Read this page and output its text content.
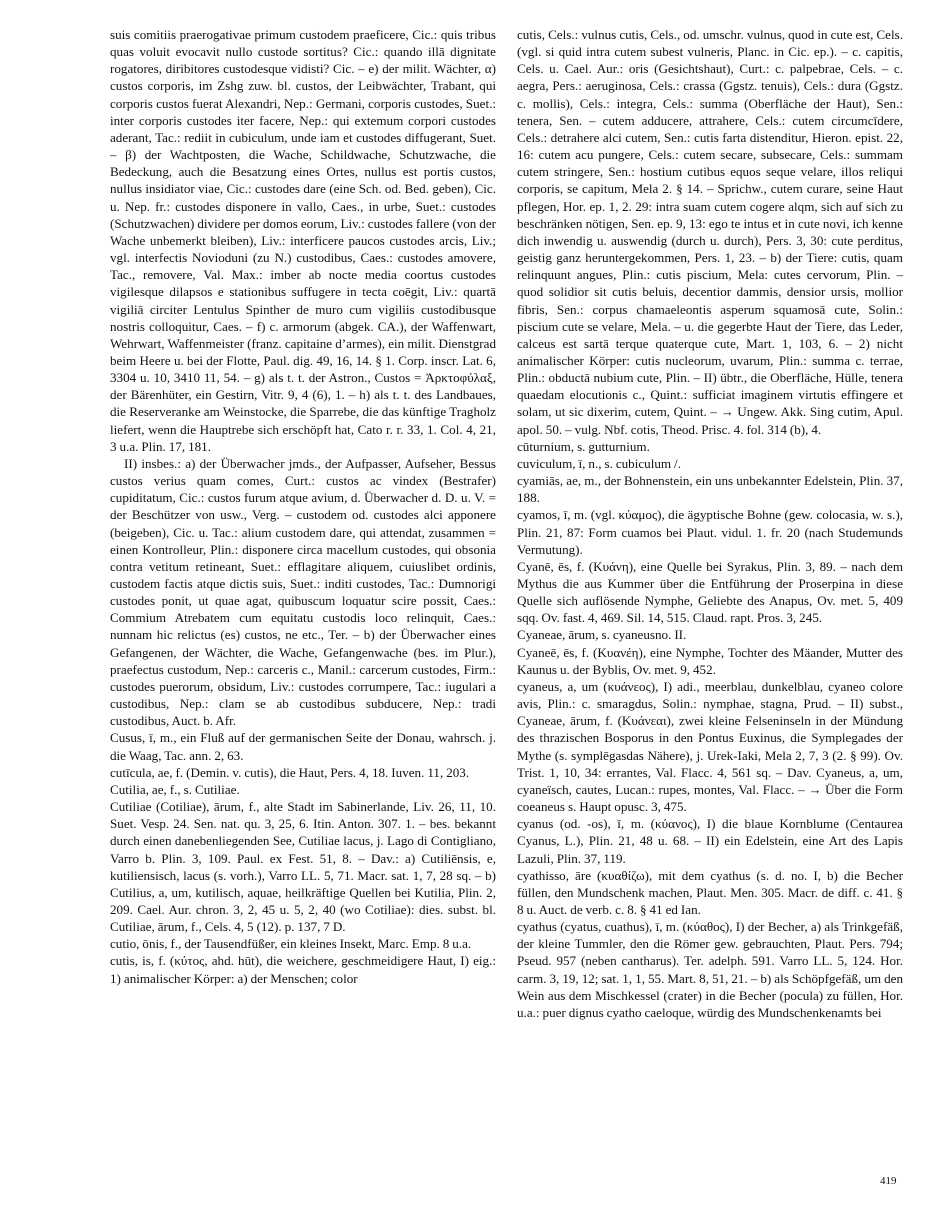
suis comitiis praerogativae primum custodem praeficere, Cic.: quis tribus quas voluit evocavit nullo custode sortitus? Cic.: quando illā dignitate rogatores, diribitores custodesque vidisti? Cic. – e) der milit. Wächter, α) custos corporis, im Zshg zuw. bl. custos, der Leibwächter, Trabant, qui corporis custos fuerat Alexandri, Nep.: Germani, corporis custodes, Suet.: inter corporis custodes iter facere, Nep.: qui extemum corpori custodes aderant, Tac.: rediit in cubiculum, unde iam et custodes diffugerant, Suet. – β) der Wachtposten, die Wache, Schildwache, Schutzwache, die Bedeckung, auch die Besatzung eines Ortes, nullus est portis custos, nullus insidiator viae, Cic.: custodes dare (eine Sch. od. Bed. geben), Cic. u. Nep. fr.: custodes disponere in vallo, Caes., in urbe, Suet.: custodes (Schutzwachen) dividere per domos eorum, Liv.: custodes fallere (von der Wache unbemerkt bleiben), Liv.: interficere paucos custodes arcis, Liv.; vgl. interfectis Novioduni (zu N.) custodibus, Caes.: custodes amovere, Tac., removere, Val. Max.: imber ab nocte media coortus custodes vigilesque dilapsos e stationibus suffugere in tecta coēgit, Liv.: quartā vigiliā circiter Lentulus Spinther de muro cum vigiliis custodibusque nostris colloquitur, Caes. – f) c. armorum (abgek. CA.), der Waffenwart, Wehrwart, Waffenmeister (franz. capitaine d’armes), ein milit. Dienstgrad beim Heere u. bei der Flotte, Paul. dig. 49, 16, 14. § 1. Corp. inscr. Lat. 6, 3304 u. 10, 3410 11, 54. – g) als t. t. der Astron., Custos = Ἀρκτοφύλαξ, der Bärenhüter, ein Gestirn, Vitr. 9, 4 (6), 1. – h) als t. t. des Landbaues, die Reserveranke am Weinstocke, die Sparrebe, die das künftige Tragholz liefert, wenn die Hauptrebe sich erschöpft hat, Cato r. r. 33, 1. Col. 4, 21, 3 u.a. Plin. 17, 181.

II) insbes.: a) der Überwacher jmds., der Aufpasser, Aufseher, Bessus custos verius quam comes, Curt.: custos ac vindex (Bestrafer) cupiditatum, Cic.: custos furum atque avium, d. Überwacher d. D. u. V. = der Beschützer von usw., Verg. – custodem od. custodes alci apponere (beigeben), Cic. u. Tac.: alium custodem dare, qui attendat, zusammen = einen Kontrolleur, Plin.: disponere circa macellum custodes, qui obsonia contra vetitum retineant, Suet.: efflagitare aliquem, cuiuslibet ordinis, custodem factis atque dictis suis, Suet.: inditi custodes, Tac.: Dumnorigi custodes ponit, ut quae agat, quibuscum loquatur scire possit, Caes.: Commium Atrebatem cum equitatu custodis loco relinquit, Caes.: nunnam hic relictus (es) custos, ne etc., Ter. – b) der Überwacher eines Gefangenen, der Wächter, die Wache, Gefangenwache (bes. im Plur.), praefectus custodum, Nep.: carceris c., Manil.: carcerum custodes, Firm.: custodes puerorum, obsidum, Liv.: custodes corrumpere, Tac.: iugulari a custodibus, Nep.: clam se ab custodibus subducere, Nep.: tradi custodibus, Auct. b. Afr.

Cusus, ī, m., ein Fluß auf der germanischen Seite der Donau, wahrsch. j. die Waag, Tac. ann. 2, 63.

cutīcula, ae, f. (Demin. v. cutis), die Haut, Pers. 4, 18. Iuven. 11, 203.

Cutilia, ae, f., s. Cutiliae.

Cutiliae (Cotiliae), ārum, f., alte Stadt im Sabinerlande, Liv. 26, 11, 10. Suet. Vesp. 24. Sen. nat. qu. 3, 25, 6. Itin. Anton. 307. 1. – bes. bekannt durch einen danebenliegenden See, Cutiliae lacus, j. Lago di Contigliano, Varro b. Plin. 3, 109. Paul. ex Fest. 51, 8. – Dav.: a) Cutiliēnsis, e, kutiliensisch, lacus (s. vorh.), Varro LL. 5, 71. Macr. sat. 1, 7, 28 sq. – b) Cutilius, a, um, kutilisch, aquae, heilkräftige Quellen bei Kutilia, Plin. 2, 209. Cael. Aur. chron. 3, 2, 45 u. 5, 2, 40 (wo Cotiliae): dies. subst. bl. Cutiliae, ārum, f., Cels. 4, 5 (12). p. 137, 7 D.

cutio, ōnis, f., der Tausendfüßer, ein kleines Insekt, Marc. Emp. 8 u.a.

cutis, is, f. (κύτος, ahd. hūt), die weichere, geschmeidigere Haut, I) eig.: 1) animalischer Körper: a) der Menschen; color

cutis, Cels.: vulnus cutis, Cels., od. umschr. vulnus, quod in cute est, Cels. (vgl. si quid intra cutem subest vulneris, Planc. in Cic. ep.). – c. capitis, Cels. u. Cael. Aur.: oris (Gesichtshaut), Curt.: c. palpebrae, Cels. – c. aegra, Pers.: aeruginosa, Cels.: crassa (Ggstz. tenuis), Cels.: dura (Ggstz. c. mollis), Cels.: integra, Cels.: summa (Oberfläche der Haut), Sen.: tenera, Sen. – cutem adducere, attrahere, Cels.: cutem circumcīdere, Cels.: detrahere alci cutem, Sen.: cutis farta distenditur, Hieron. epist. 22, 16: cutem acu pungere, Cels.: cutem secare, subsecare, Cels.: summam cutem stringere, Sen.: hostium cutibus equos seque velare, illos reliqui corporis, se capitum, Mela 2. § 14. – Sprichw., cutem curare, seine Haut pflegen, Hor. ep. 1, 2. 29: intra suam cutem cogere alqm, sich auf sich zu beschränken nötigen, Sen. ep. 9, 13: ego te intus et in cute novi, ich kenne dich inwendig u. auswendig (durch u. durch), Pers. 3, 30: cute perditus, geistig ganz heruntergekommen, Pers. 1, 23. – b) der Tiere: cutis, quam relinquunt angues, Plin.: cutis piscium, Mela: cutes cervorum, Plin. – quod solidior sit cutis beluis, decentior dammis, densior ursis, mollior fibris, Sen.: corpus chamaeleontis asperum squamosā cute, Solin.: piscium cute se velare, Mela. – u. die gegerbte Haut der Tiere, das Leder, calceus est sartā terque quaterque cute, Mart. 1, 103, 6. – 2) nicht animalischer Körper: cutis nucleorum, uvarum, Plin.: summa c. terrae, Plin.: obductā nubium cute, Plin. – II) übtr., die Oberfläche, Hülle, tenera quaedam elocutionis c., Quint.: sufficiat imaginem virtutis effingere et solam, ut sic dixerim, cutem, Quint. – → Ungew. Akk. Sing cutim, Apul. apol. 50. – vulg. Nbf. cotis, Theod. Prisc. 4. fol. 314 (b), 4.

cūturnium, s. gutturnium.

cuviculum, ī, n., s. cubiculum /.

cyamiās, ae, m., der Bohnenstein, ein uns unbekannter Edelstein, Plin. 37, 188.

cyamos, ī, m. (vgl. κύαμος), die ägyptische Bohne (gew. colocasia, w. s.), Plin. 21, 87: Form cuamos bei Plaut. vidul. 1. fr. 20 (nach Studemunds Vermutung).

Cyanē, ēs, f. (Κυάνη), eine Quelle bei Syrakus, Plin. 3, 89. – nach dem Mythus die aus Kummer über die Entführung der Proserpina in diese Quelle sich auflösende Nymphe, Geliebte des Anapus, Ov. met. 5, 409 sqq. Ov. fast. 4, 469. Sil. 14, 515. Claud. rapt. Pros. 3, 245.

Cyaneae, ārum, s. cyaneusno. II.

Cyaneē, ēs, f. (Κυανέη), eine Nymphe, Tochter des Mäander, Mutter des Kaunus u. der Byblis, Ov. met. 9, 452.

cyaneus, a, um (κυάνεος), I) adi., meerblau, dunkelblau, cyaneo colore avis, Plin.: c. smaragdus, Solin.: nymphae, stagna, Prud. – II) subst., Cyaneae, ārum, f. (Κυάνεαι), zwei kleine Felseninseln in der Mündung des thrazischen Bosporus in den Pontus Euxinus, die Symplegades der Mythe (s. symplēgasdas Nähere), j. Urek-Iaki, Mela 2, 7, 3 (2. § 99). Ov. Trist. 1, 10, 34: errantes, Val. Flacc. 4, 561 sq. – Dav. Cyaneus, a, um, cyaneïsch, cautes, Lucan.: rupes, montes, Val. Flacc. – → Über die Form coeaneus s. Haupt opusc. 3, 475.

cyanus (od. -os), ī, m. (κύανος), I) die blaue Kornblume (Centaurea Cyanus, L.), Plin. 21, 48 u. 68. – II) ein Edelstein, eine Art des Lapis Lazuli, Plin. 37, 119.

cyathisso, āre (κυαθίζω), mit dem cyathus (s. d. no. I, b) die Becher füllen, den Mundschenk machen, Plaut. Men. 305. Macr. de diff. c. 41. § 8 u. Auct. de verb. c. 8. § 41 ed Ian.

cyathus (cyatus, cuathus), ī, m. (κύαθος), I) der Becher, a) als Trinkgefäß, der kleine Tummler, den die Römer gew. gebrauchten, Plaut. Pers. 794; Pseud. 957 (neben cantharus). Ter. adelph. 591. Varro LL. 5, 124. Hor. carm. 3, 19, 12; sat. 1, 1, 55. Mart. 8, 51, 21. – b) als Schöpfgefäß, um den Wein aus dem Mischkessel (crater) in die Becher (pocula) zu füllen, Hor. u.a.: puer dignus cyatho caeloque, würdig des Mundschenkenamts bei

419
